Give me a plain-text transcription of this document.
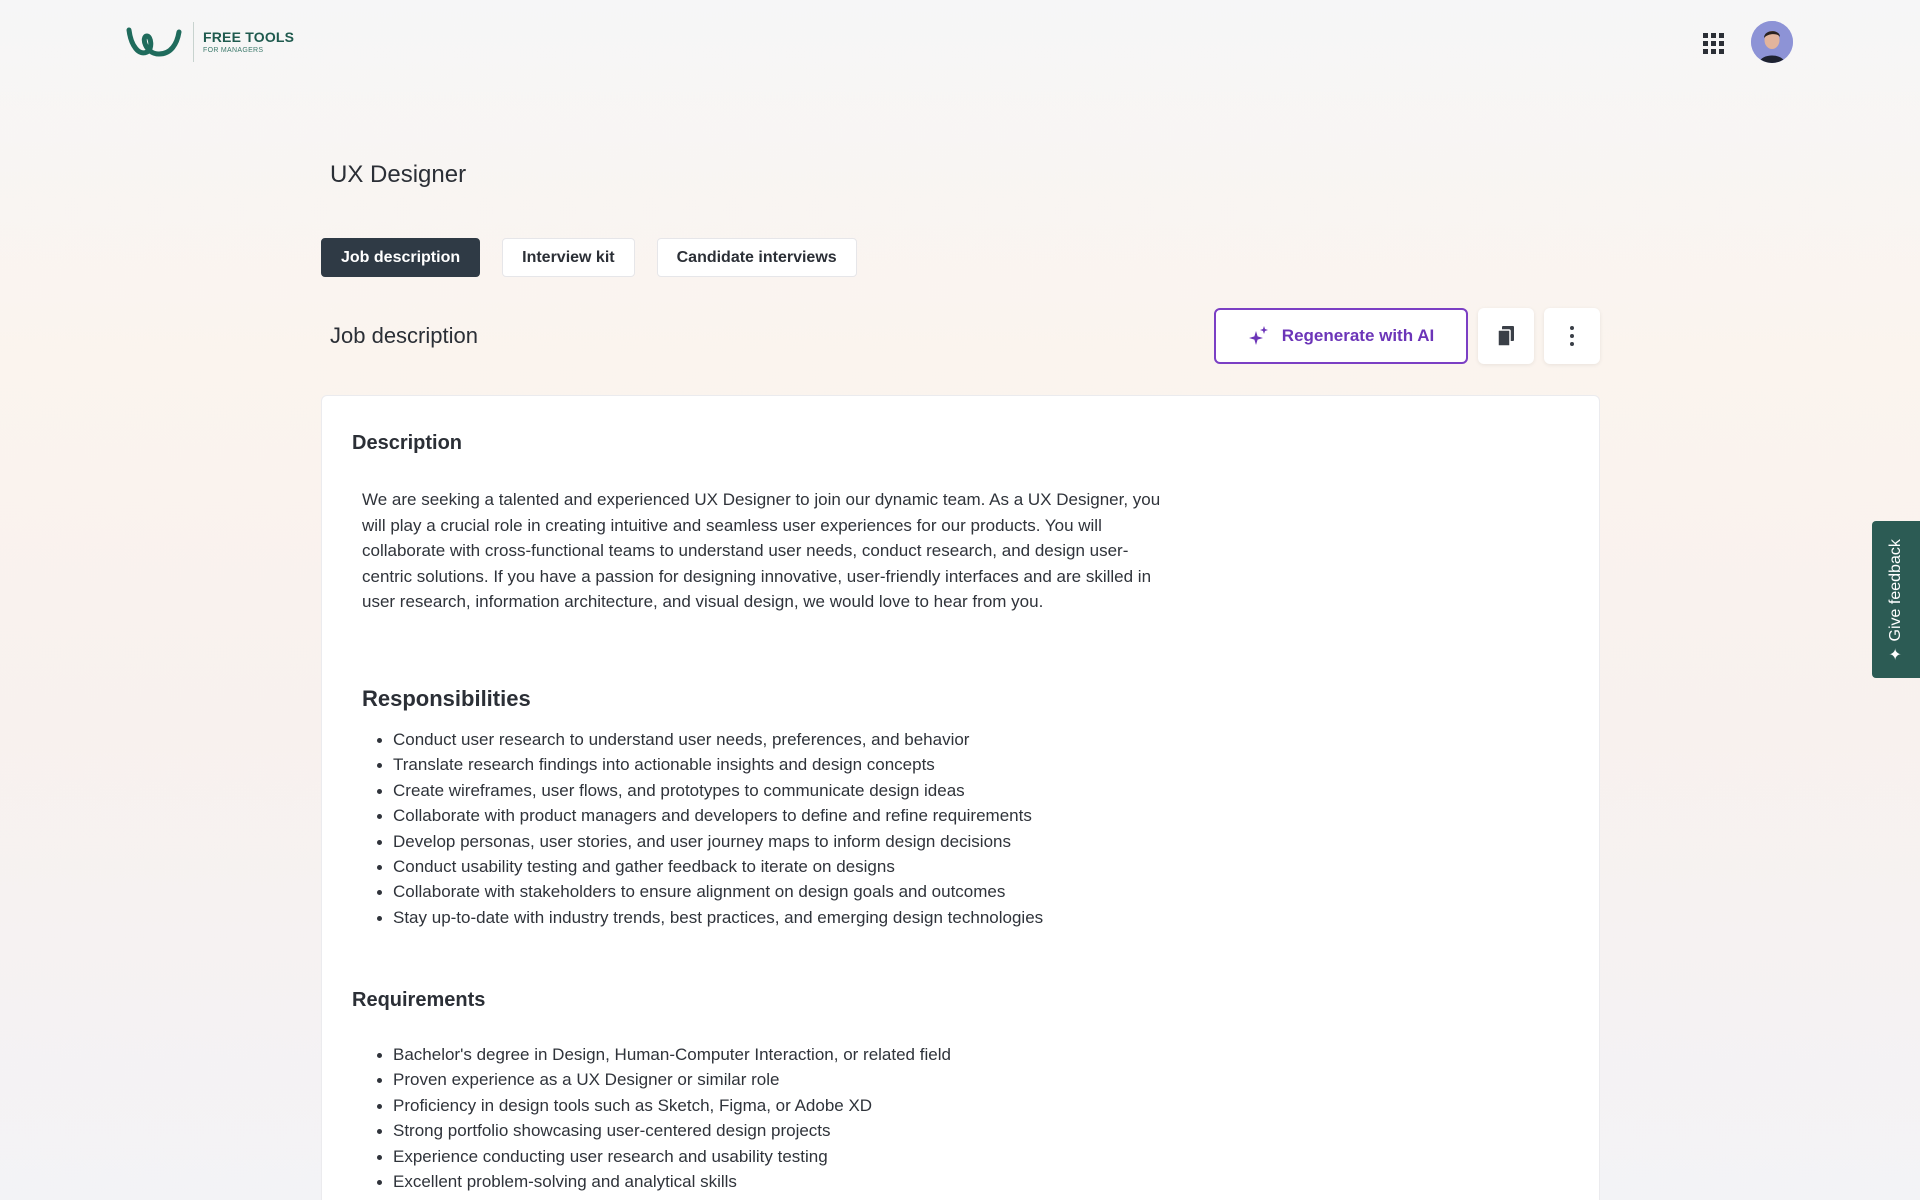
FREE TOOLS
FOR MANAGERS
UX Designer
Job description	Interview kit	Candidate interviews
Job description	Regenerate with AI
Description

We are seeking a talented and experienced UX Designer to join our dynamic team. As a UX Designer, you will play a crucial role in creating intuitive and seamless user experiences for our products. You will collaborate with cross-functional teams to understand user needs, conduct research, and design user-centric solutions. If you have a passion for designing innovative, user-friendly interfaces and are skilled in user research, information architecture, and visual design, we would love to hear from you.

Responsibilities
Conduct user research to understand user needs, preferences, and behavior
Translate research findings into actionable insights and design concepts
Create wireframes, user flows, and prototypes to communicate design ideas
Collaborate with product managers and developers to define and refine requirements
Develop personas, user stories, and user journey maps to inform design decisions
Conduct usability testing and gather feedback to iterate on designs
Collaborate with stakeholders to ensure alignment on design goals and outcomes
Stay up-to-date with industry trends, best practices, and emerging design technologies
Requirements
Bachelor's degree in Design, Human-Computer Interaction, or related field
Proven experience as a UX Designer or similar role
Proficiency in design tools such as Sketch, Figma, or Adobe XD
Strong portfolio showcasing user-centered design projects
Experience conducting user research and usability testing
Excellent problem-solving and analytical skills
✦
Give feedback
